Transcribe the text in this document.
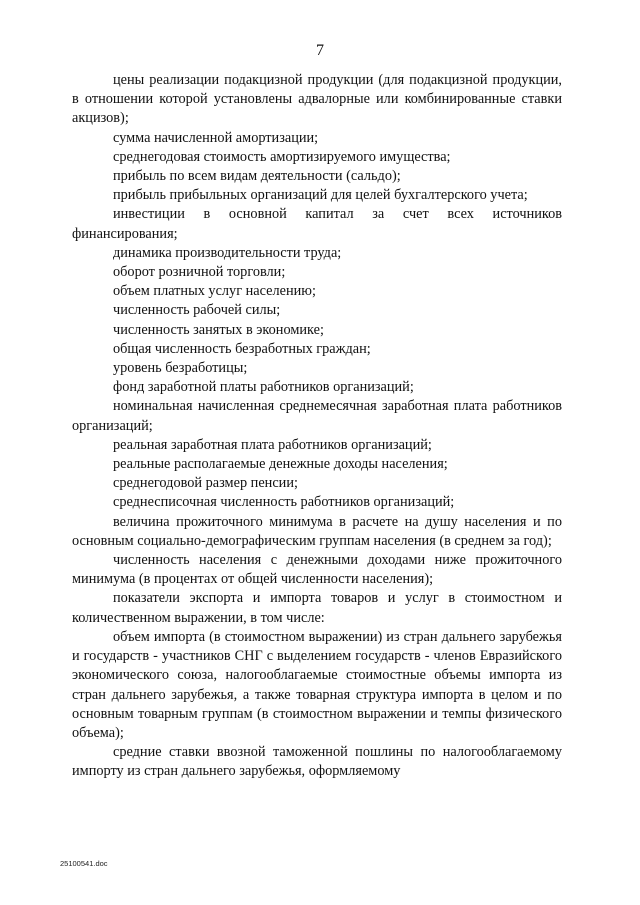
7

цены реализации подакцизной продукции (для подакцизной продукции, в отношении которой установлены адвалорные или комбинированные ставки акцизов);

сумма начисленной амортизации;

среднегодовая стоимость амортизируемого имущества;

прибыль по всем видам деятельности (сальдо);

прибыль прибыльных организаций для целей бухгалтерского учета;

инвестиции в основной капитал за счет всех источников финансирования;

динамика производительности труда;

оборот розничной торговли;

объем платных услуг населению;

численность рабочей силы;

численность занятых в экономике;

общая численность безработных граждан;

уровень безработицы;

фонд заработной платы работников организаций;

номинальная начисленная среднемесячная заработная плата работников организаций;

реальная заработная плата работников организаций;

реальные располагаемые денежные доходы населения;

среднегодовой размер пенсии;

среднесписочная численность работников организаций;

величина прожиточного минимума в расчете на душу населения и по основным социально-демографическим группам населения (в среднем за год);

численность населения с денежными доходами ниже прожиточного минимума (в процентах от общей численности населения);

показатели экспорта и импорта товаров и услуг в стоимостном и количественном выражении, в том числе:

объем импорта (в стоимостном выражении) из стран дальнего зарубежья и государств - участников СНГ с выделением государств - членов Евразийского экономического союза, налогооблагаемые стоимостные объемы импорта из стран дальнего зарубежья, а также товарная структура импорта в целом и по основным товарным группам (в стоимостном выражении и темпы физического объема);

средние ставки ввозной таможенной пошлины по налогооблагаемому импорту из стран дальнего зарубежья, оформляемому

25100541.doc
